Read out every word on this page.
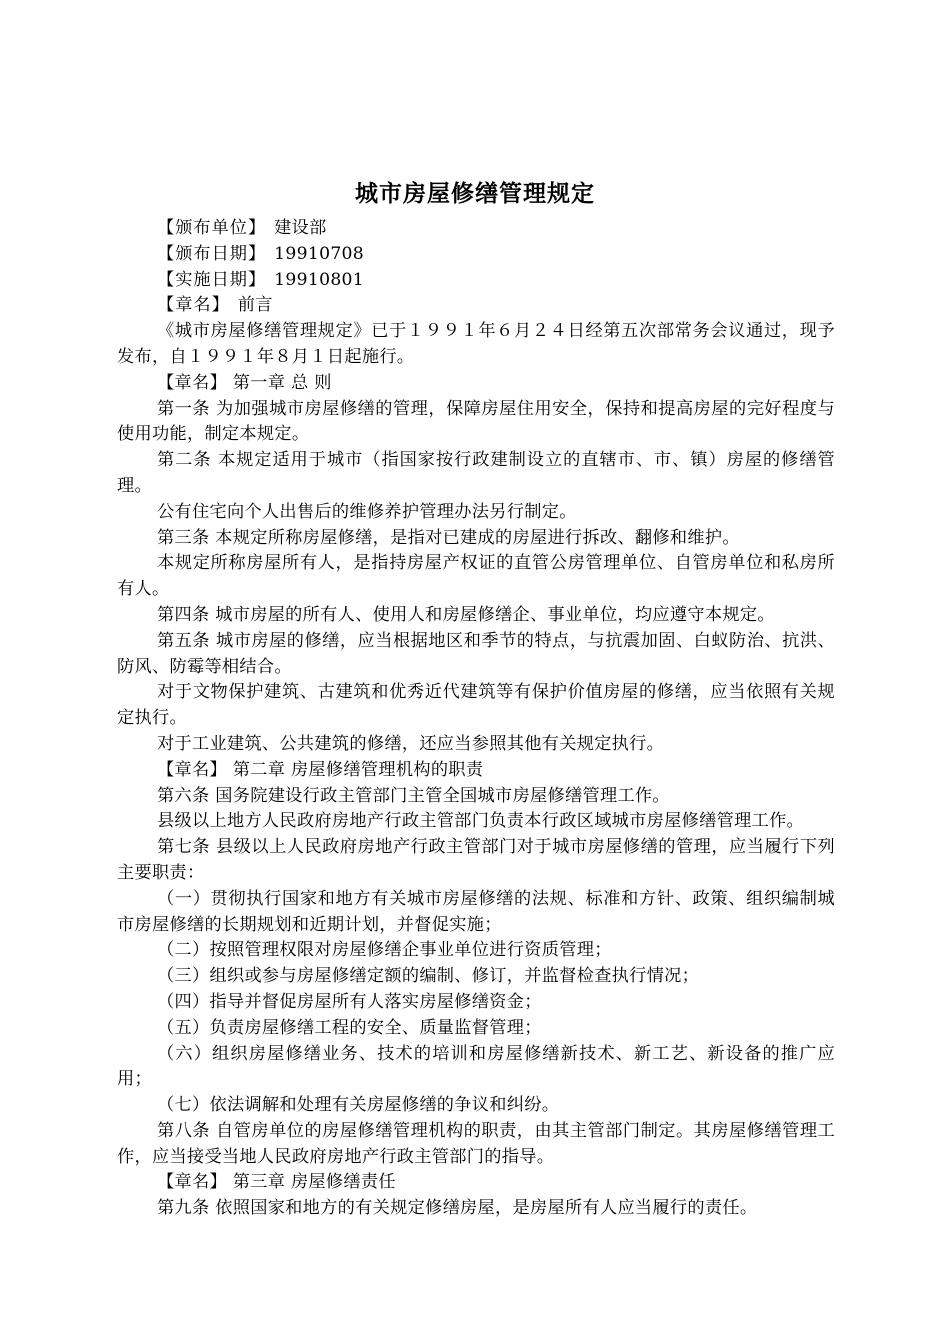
城市房屋修缮管理规定

【颁布单位】 建设部

【颁布日期】 19910708

【实施日期】 19910801

【章名】 前言

《城市房屋修缮管理规定》已于１９９１年６月２４日经第五次部常务会议通过，现予发布，自１９９１年８月１日起施行。

【章名】 第一章 总 则

第一条 为加强城市房屋修缮的管理，保障房屋住用安全，保持和提高房屋的完好程度与使用功能，制定本规定。

第二条 本规定适用于城市（指国家按行政建制设立的直辖市、市、镇）房屋的修缮管理。

公有住宅向个人出售后的维修养护管理办法另行制定。

第三条 本规定所称房屋修缮，是指对已建成的房屋进行拆改、翻修和维护。

本规定所称房屋所有人，是指持房屋产权证的直管公房管理单位、自管房单位和私房所有人。

第四条 城市房屋的所有人、使用人和房屋修缮企、事业单位，均应遵守本规定。

第五条 城市房屋的修缮，应当根据地区和季节的特点，与抗震加固、白蚁防治、抗洪、防风、防霉等相结合。

对于文物保护建筑、古建筑和优秀近代建筑等有保护价值房屋的修缮，应当依照有关规定执行。

对于工业建筑、公共建筑的修缮，还应当参照其他有关规定执行。

【章名】 第二章 房屋修缮管理机构的职责

第六条 国务院建设行政主管部门主管全国城市房屋修缮管理工作。

县级以上地方人民政府房地产行政主管部门负责本行政区域城市房屋修缮管理工作。

第七条 县级以上人民政府房地产行政主管部门对于城市房屋修缮的管理，应当履行下列主要职责：

（一）贯彻执行国家和地方有关城市房屋修缮的法规、标准和方针、政策、组织编制城市房屋修缮的长期规划和近期计划，并督促实施；

（二）按照管理权限对房屋修缮企事业单位进行资质管理；

（三）组织或参与房屋修缮定额的编制、修订，并监督检查执行情况；

（四）指导并督促房屋所有人落实房屋修缮资金；

（五）负责房屋修缮工程的安全、质量监督管理；

（六）组织房屋修缮业务、技术的培训和房屋修缮新技术、新工艺、新设备的推广应用；

（七）依法调解和处理有关房屋修缮的争议和纠纷。

第八条 自管房单位的房屋修缮管理机构的职责，由其主管部门制定。其房屋修缮管理工作，应当接受当地人民政府房地产行政主管部门的指导。

【章名】 第三章 房屋修缮责任

第九条 依照国家和地方的有关规定修缮房屋，是房屋所有人应当履行的责任。
